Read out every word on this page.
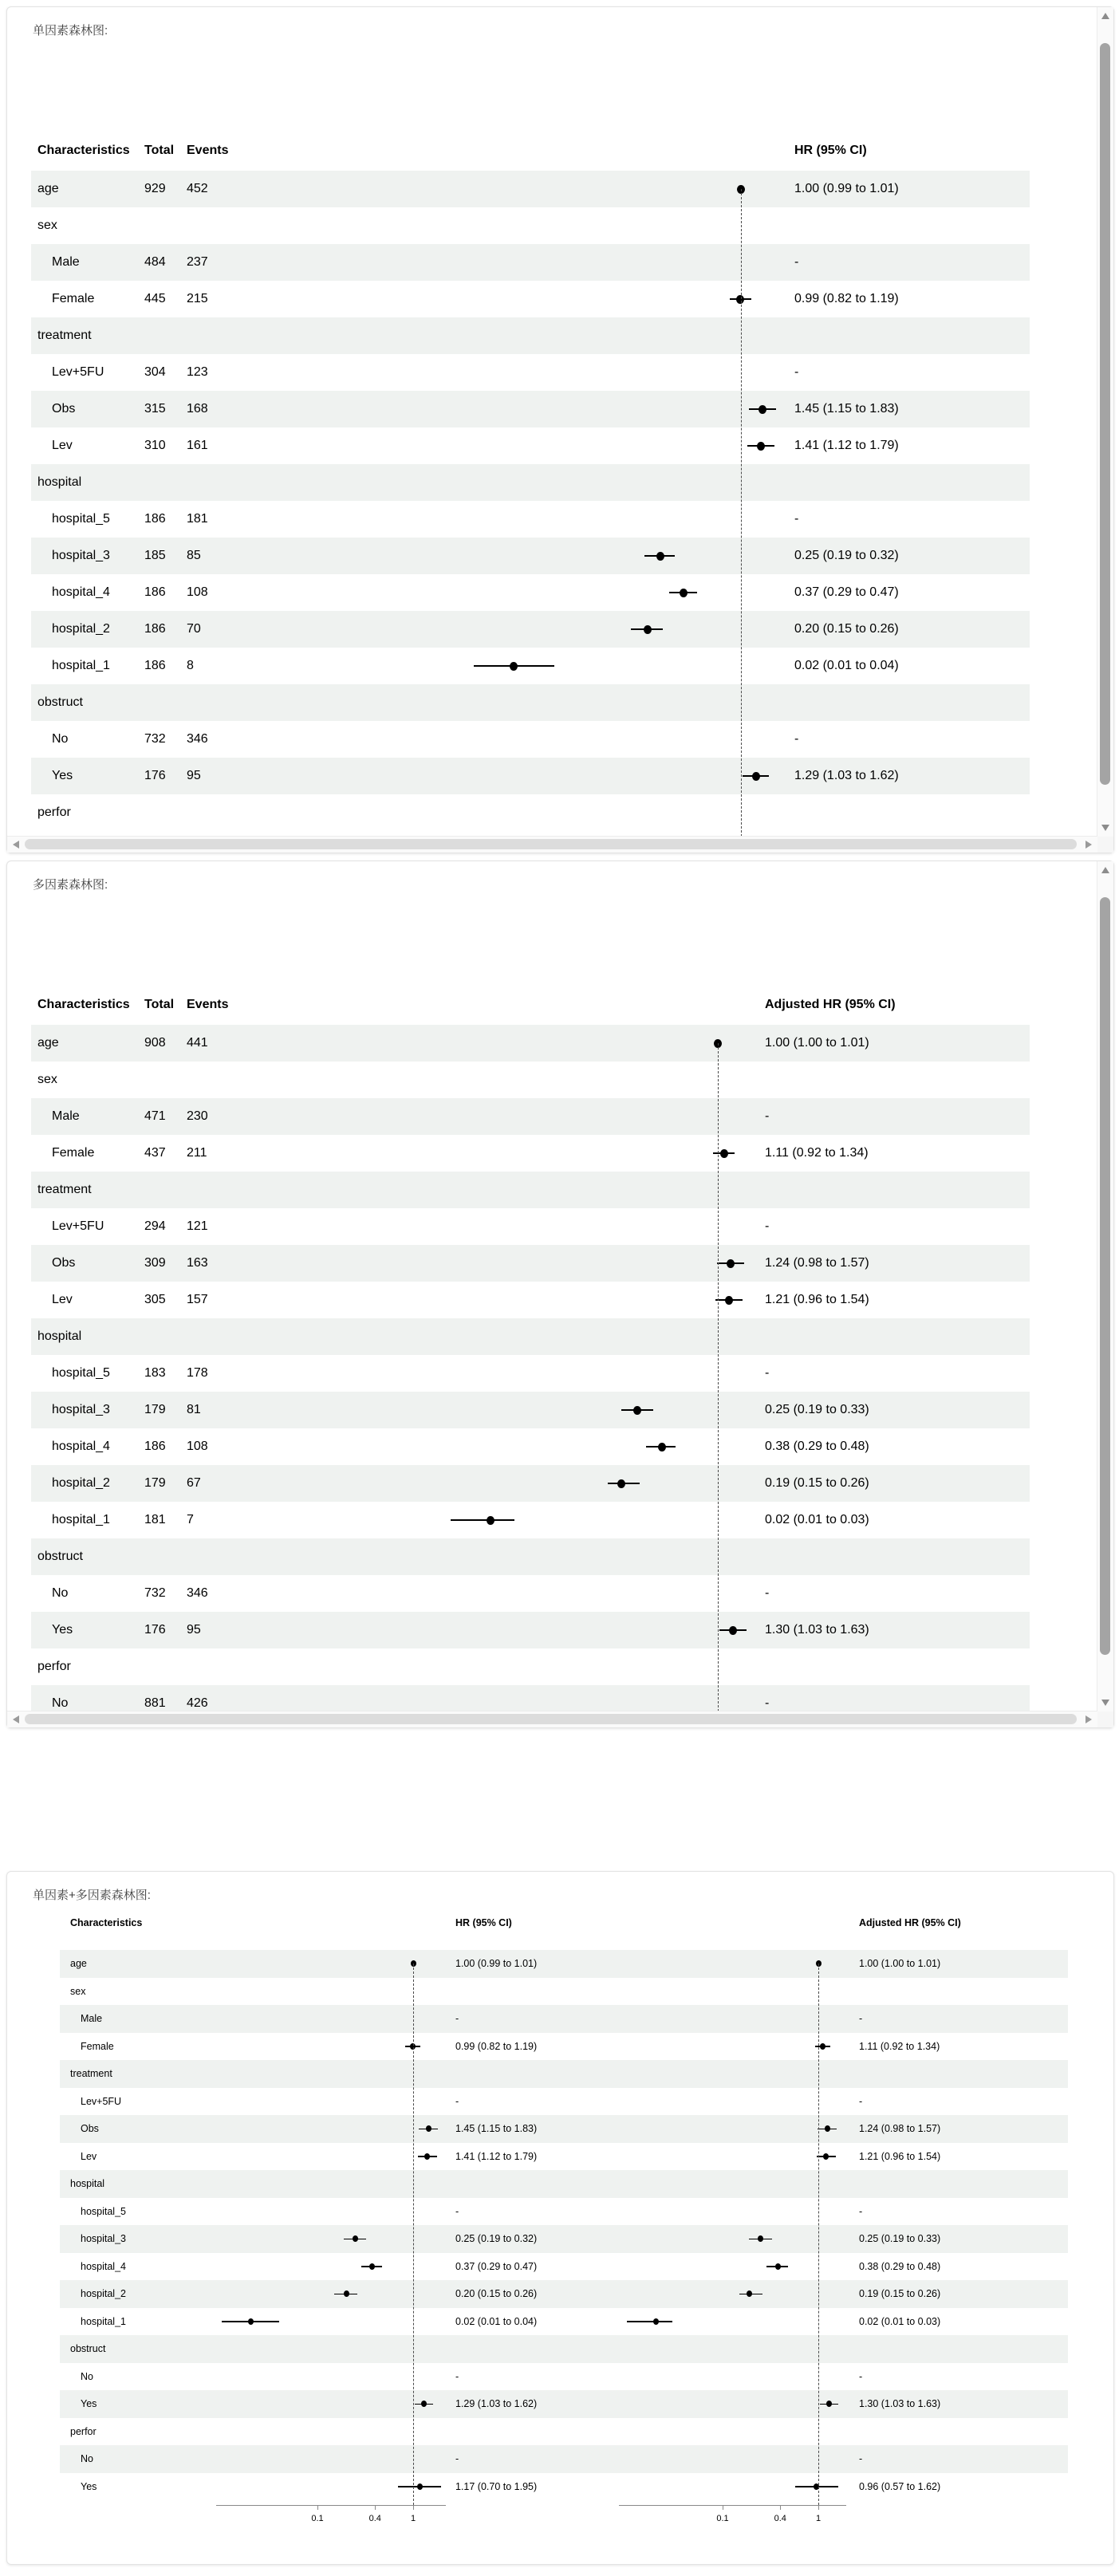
单因素森林图:
Characteristics Total Events	HR (95% CI)
age	929 452	1.00 (0.99 to 1.01)
sex
Male	484 237	-
Female	445 215	0.99 (0.82 to 1.19)
treatment
Lev+5FU	304 123	-
Obs	315 168	1.45 (1.15 to 1.83)
Lev	310 161	1.41 (1.12 to 1.79)
hospital
hospital_5	186 181	-
hospital_3	185 85	0.25 (0.19 to 0.32)
hospital_4	186 108	0.37 (0.29 to 0.47)
hospital_2	186 70	0.20 (0.15 to 0.26)
hospital_1	186 8	0.02 (0.01 to 0.04)
obstruct
No	732 346	-
Yes	176 95	1.29 (1.03 to 1.62)
perfor
多因素森林图:
Characteristics Total Events	Adjusted HR (95% CI)
age	908 441	1.00 (1.00 to 1.01)
sex
Male	471 230	-
Female	437 211	1.11 (0.92 to 1.34)
treatment
Lev+5FU	294 121	-
Obs	309 163	1.24 (0.98 to 1.57)
Lev	305 157	1.21 (0.96 to 1.54)
hospital
hospital_5	183 178	-
hospital_3	179 81	0.25 (0.19 to 0.33)
hospital_4	186 108	0.38 (0.29 to 0.48)
hospital_2	179 67	0.19 (0.15 to 0.26)
hospital_1	181 7	0.02 (0.01 to 0.03)
obstruct
No	732 346	-
Yes	176 95	1.30 (1.03 to 1.63)
perfor
No	881 426	-
单因素+多因素森林图:
Characteristics	HR (95% CI)	Adjusted HR (95% CI)
age	1.00 (0.99 to 1.01)	1.00 (1.00 to 1.01)
sex
Male	-	-
Female	0.99 (0.82 to 1.19)	1.11 (0.92 to 1.34)
treatment
Lev+5FU	-	-
Obs	1.45 (1.15 to 1.83)	1.24 (0.98 to 1.57)
Lev	1.41 (1.12 to 1.79)	1.21 (0.96 to 1.54)
hospital
hospital_5	-	-
hospital_3	0.25 (0.19 to 0.32)	0.25 (0.19 to 0.33)
hospital_4	0.37 (0.29 to 0.47)	0.38 (0.29 to 0.48)
hospital_2	0.20 (0.15 to 0.26)	0.19 (0.15 to 0.26)
hospital_1	0.02 (0.01 to 0.04)	0.02 (0.01 to 0.03)
obstruct
No	-	-
Yes	1.29 (1.03 to 1.62)	1.30 (1.03 to 1.63)
perfor
No	-	-
Yes	1.17 (0.70 to 1.95)	0.96 (0.57 to 1.62)
0.1	0.4	1	0.1	0.4	1
